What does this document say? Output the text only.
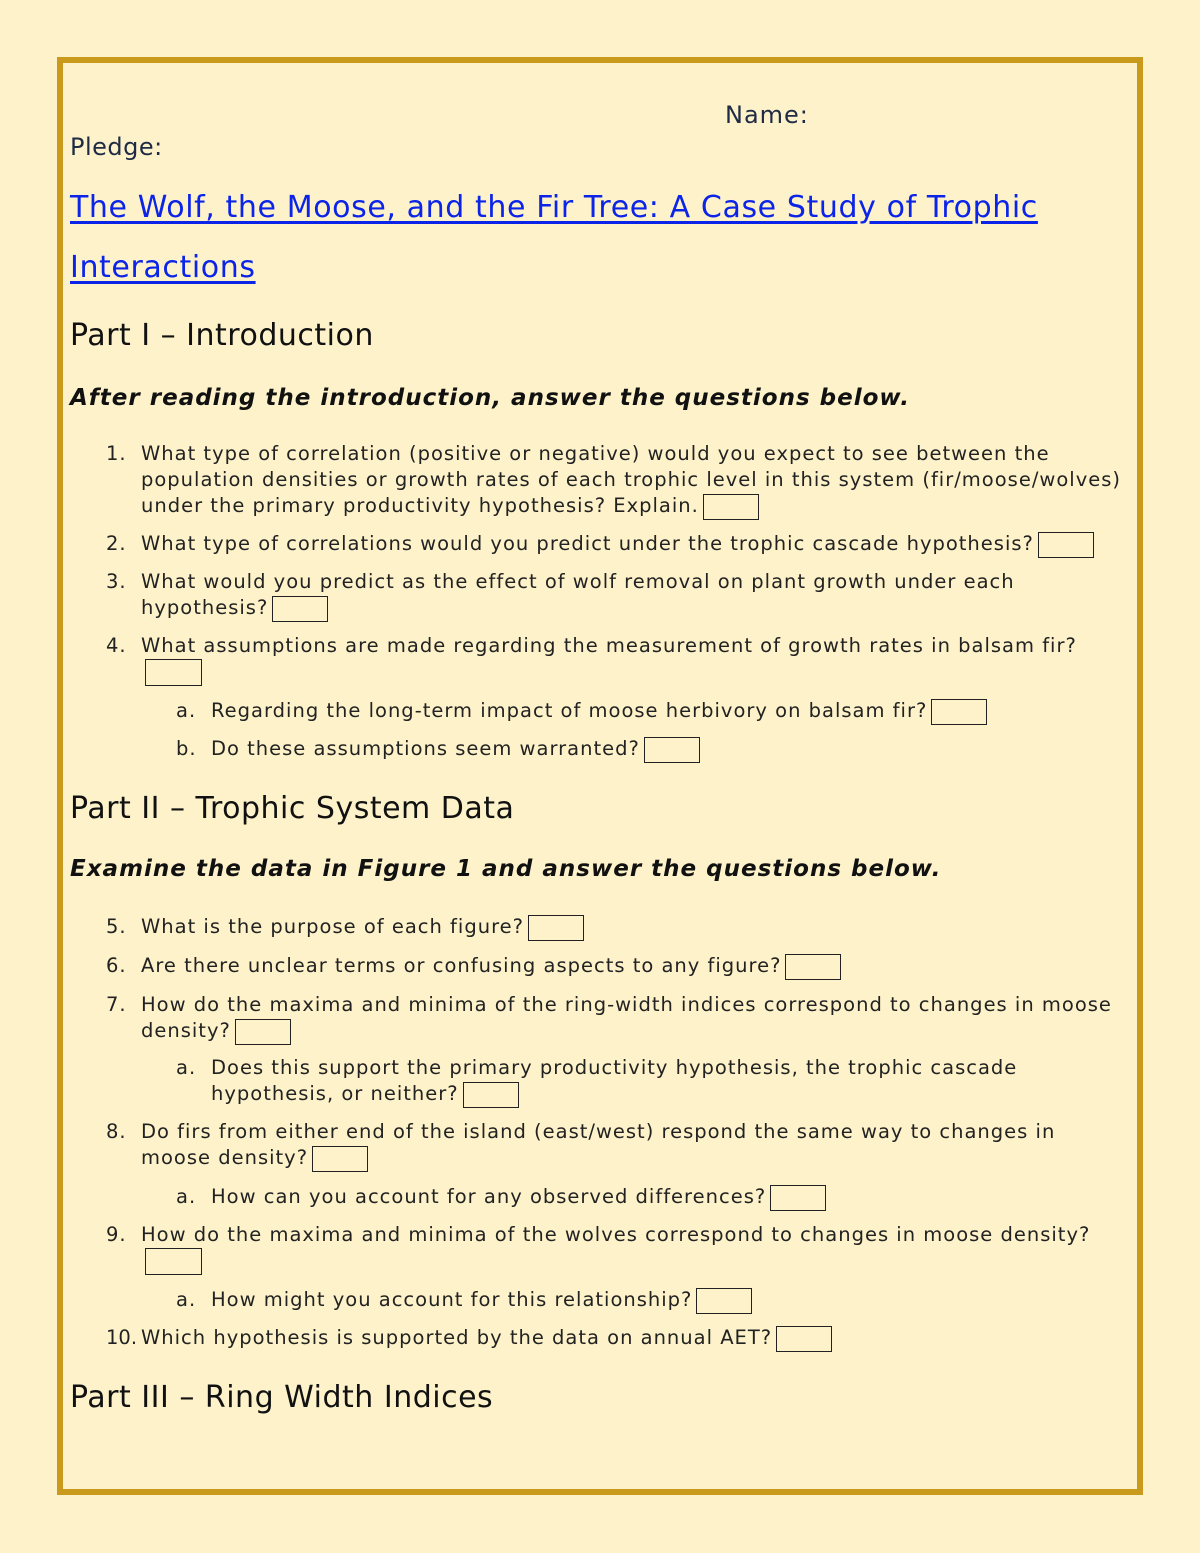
Name:
Pledge:
The Wolf, the Moose, and the Fir Tree: A Case Study of Trophic
Interactions
Part I – Introduction
After reading the introduction, answer the questions below.
1. What type of correlation (positive or negative) would you expect to see between the
population densities or growth rates of each trophic level in this system (fir/moose/wolves)
under the primary productivity hypothesis? Explain.
2. What type of correlations would you predict under the trophic cascade hypothesis?
3. What would you predict as the effect of wolf removal on plant growth under each
hypothesis?
4. What assumptions are made regarding the measurement of growth rates in balsam fir?
a. Regarding the long-term impact of moose herbivory on balsam fir?
b. Do these assumptions seem warranted?
Part II – Trophic System Data
Examine the data in Figure 1 and answer the questions below.
5. What is the purpose of each figure?
6. Are there unclear terms or confusing aspects to any figure?
7. How do the maxima and minima of the ring-width indices correspond to changes in moose
density?
a. Does this support the primary productivity hypothesis, the trophic cascade
hypothesis, or neither?
8. Do firs from either end of the island (east/west) respond the same way to changes in
moose density?
a. How can you account for any observed differences?
9. How do the maxima and minima of the wolves correspond to changes in moose density?
a. How might you account for this relationship?
10. Which hypothesis is supported by the data on annual AET?
Part III – Ring Width Indices
